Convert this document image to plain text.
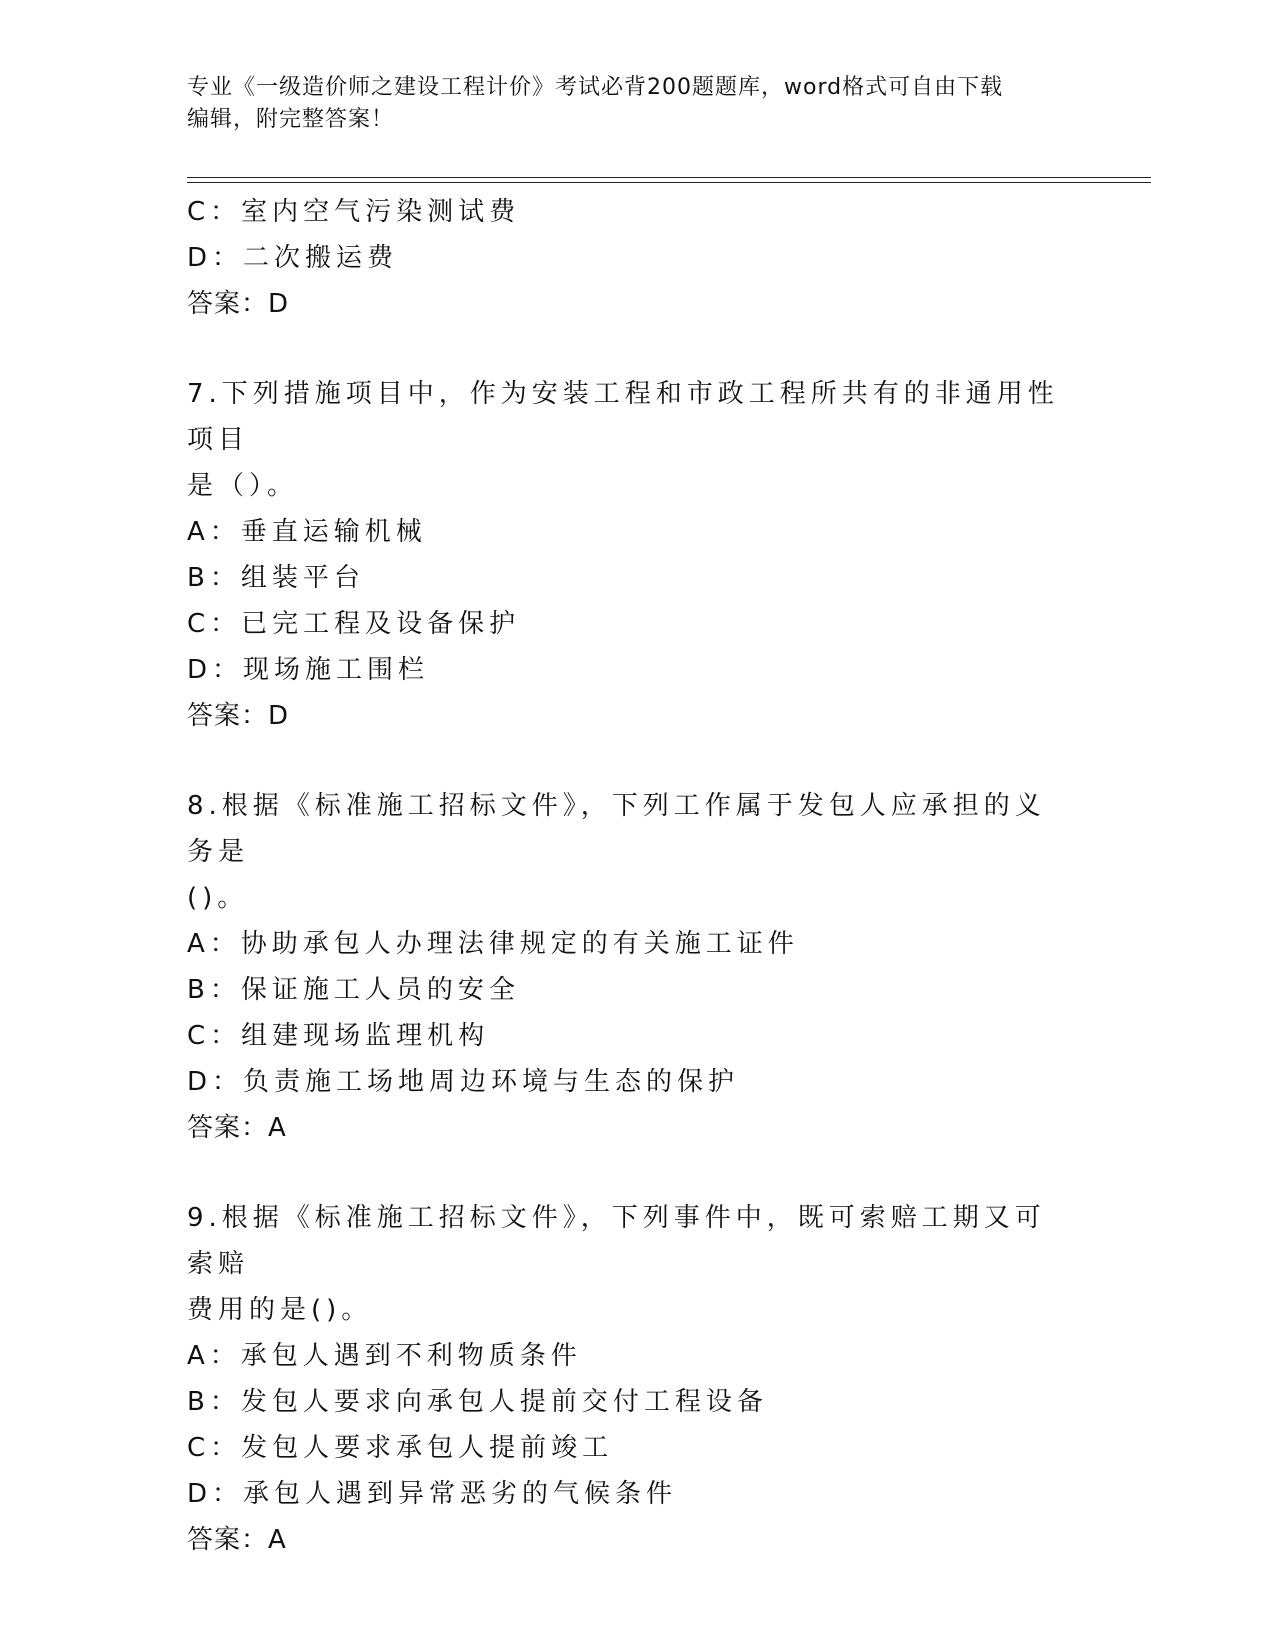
专业《一级造价师之建设工程计价》考试必背200题题库，word格式可自由下载
编辑，附完整答案！
C：室内空气污染测试费
D：二次搬运费
答案：D
7.下列措施项目中，作为安装工程和市政工程所共有的非通用性项目
是（）。
A：垂直运输机械
B：组装平台
C：已完工程及设备保护
D：现场施工围栏
答案：D
8.根据《标准施工招标文件》，下列工作属于发包人应承担的义务是
()。
A：协助承包人办理法律规定的有关施工证件
B：保证施工人员的安全
C：组建现场监理机构
D：负责施工场地周边环境与生态的保护
答案：A
9.根据《标准施工招标文件》，下列事件中，既可索赔工期又可索赔
费用的是()。
A：承包人遇到不利物质条件
B：发包人要求向承包人提前交付工程设备
C：发包人要求承包人提前竣工
D：承包人遇到异常恶劣的气候条件
答案：A
